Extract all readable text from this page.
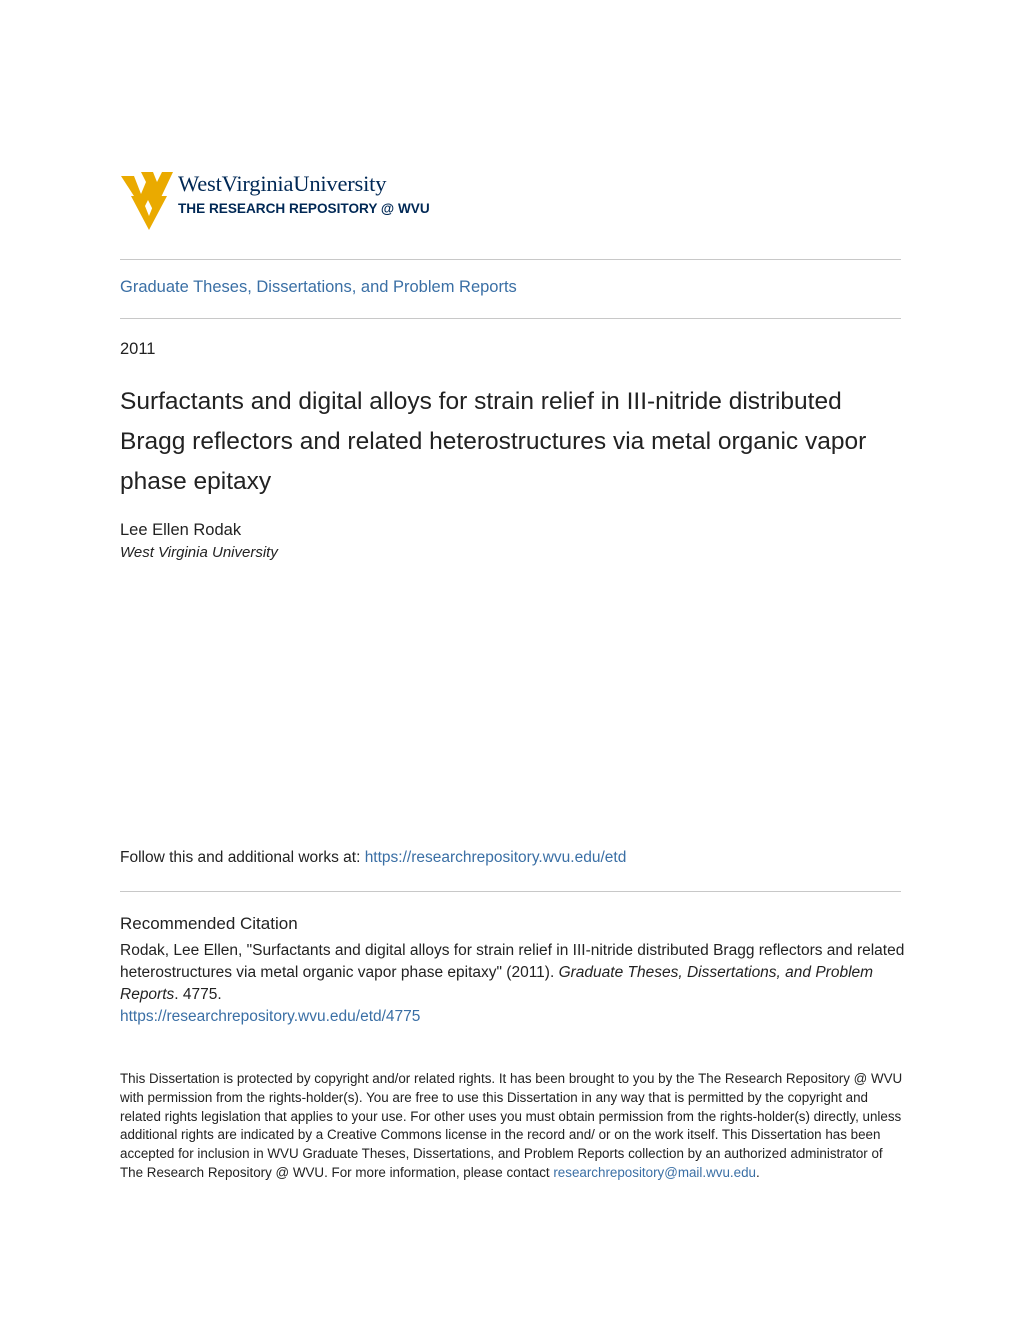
WestVirginiaUniversity
THE RESEARCH REPOSITORY @ WVU
Graduate Theses, Dissertations, and Problem Reports
2011
Surfactants and digital alloys for strain relief in III-nitride distributed Bragg reflectors and related heterostructures via metal organic vapor phase epitaxy
Lee Ellen Rodak
West Virginia University
Follow this and additional works at: https://researchrepository.wvu.edu/etd
Recommended Citation

Rodak, Lee Ellen, "Surfactants and digital alloys for strain relief in III-nitride distributed Bragg reflectors and related heterostructures via metal organic vapor phase epitaxy" (2011). Graduate Theses, Dissertations, and Problem Reports. 4775.
https://researchrepository.wvu.edu/etd/4775

This Dissertation is protected by copyright and/or related rights. It has been brought to you by the The Research Repository @ WVU with permission from the rights-holder(s). You are free to use this Dissertation in any way that is permitted by the copyright and related rights legislation that applies to your use. For other uses you must obtain permission from the rights-holder(s) directly, unless additional rights are indicated by a Creative Commons license in the record and/ or on the work itself. This Dissertation has been accepted for inclusion in WVU Graduate Theses, Dissertations, and Problem Reports collection by an authorized administrator of The Research Repository @ WVU. For more information, please contact researchrepository@mail.wvu.edu.
